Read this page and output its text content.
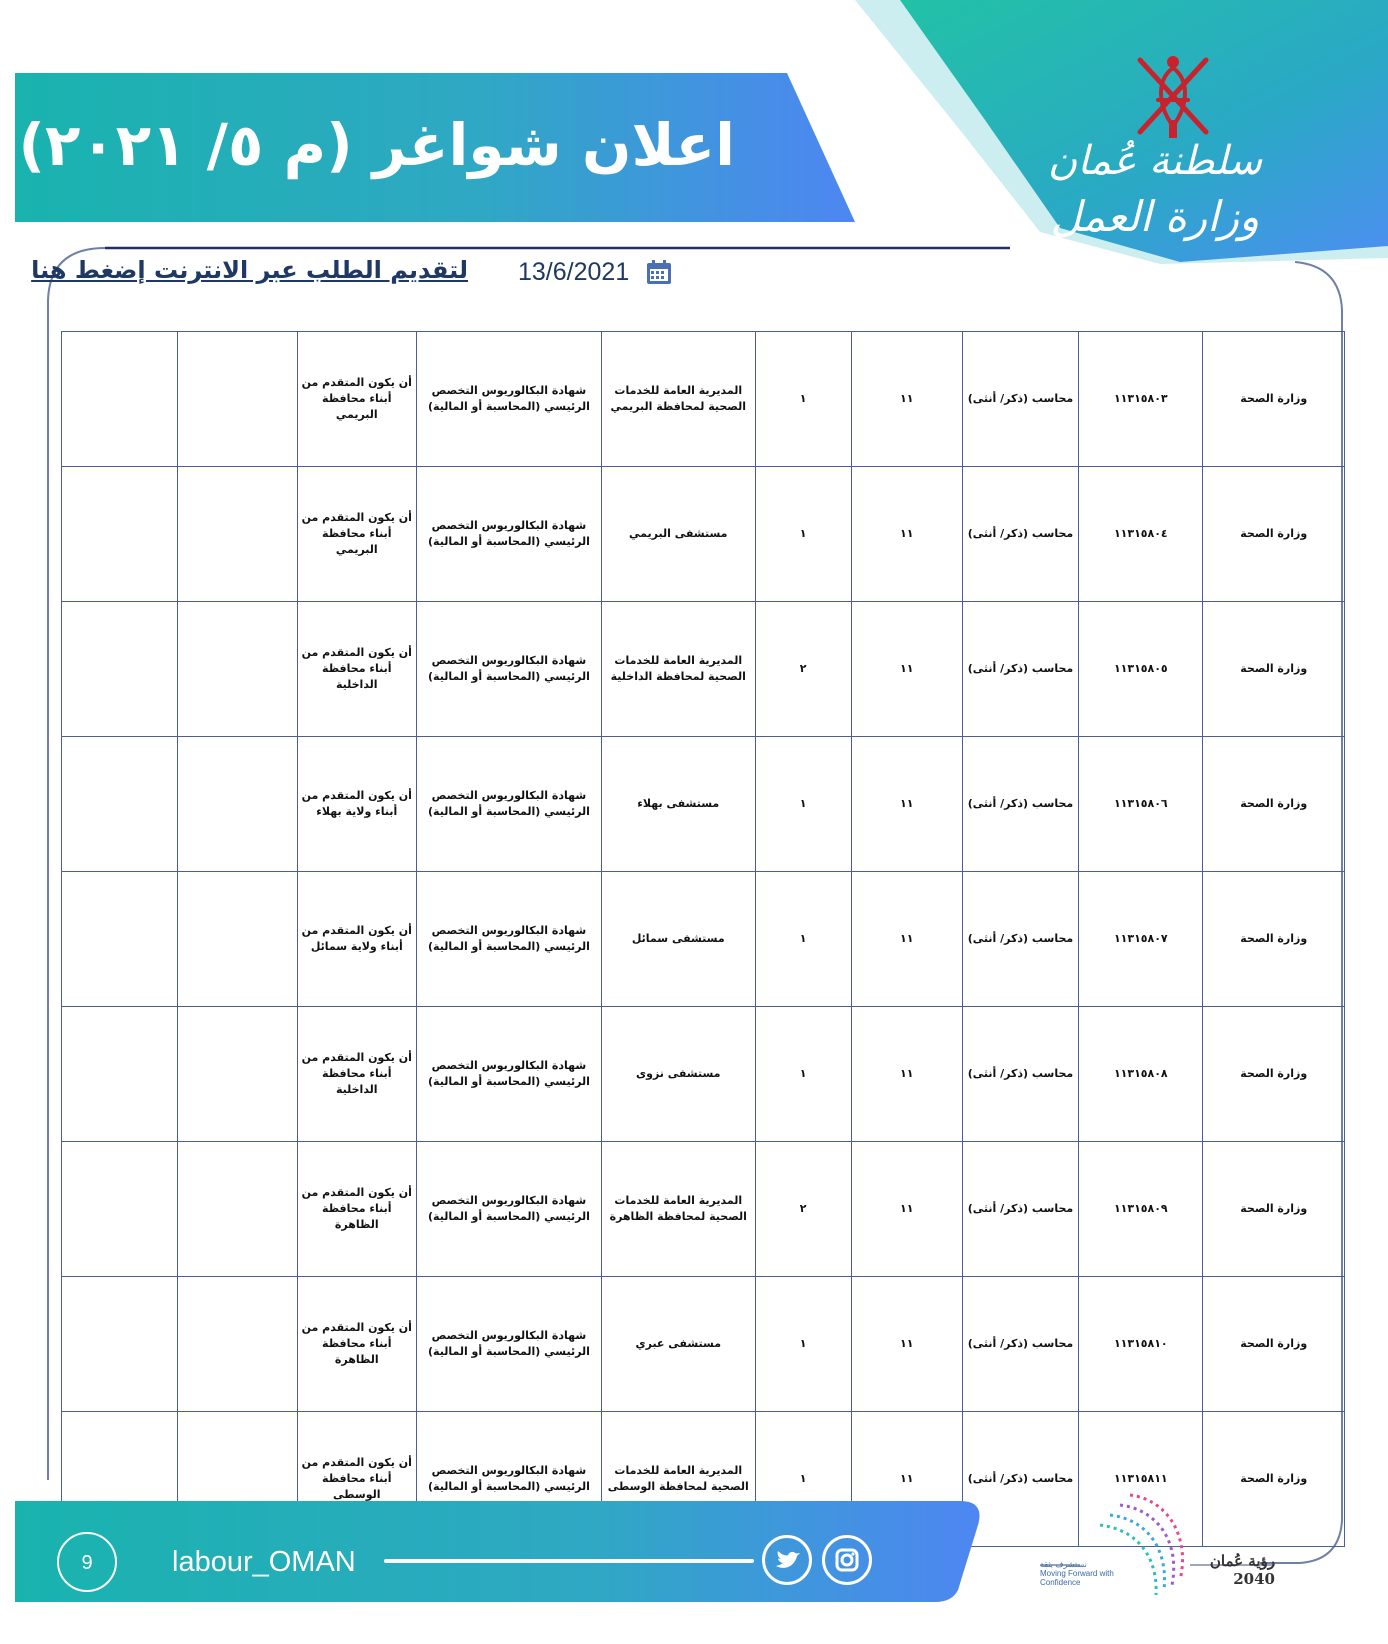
اعلان شواغر (م ٥/ ٢٠٢١)	سلطنة عُمان
وزارة العمل
13/6/2021
لتقديم الطلب عبر الانترنت إضغط هنا
وزارة الصحة	١١٣١٥٨٠٣	محاسب (ذكر/ أنثى)	١١	١	المديرية العامة للخدمات الصحية لمحافظة البريمي	شهادة البكالوريوس التخصص الرئيسي (المحاسبة أو المالية)	أن يكون المتقدم من أبناء محافظة البريمي		
وزارة الصحة	١١٣١٥٨٠٤	محاسب (ذكر/ أنثى)	١١	١	مستشفى البريمي	شهادة البكالوريوس التخصص الرئيسي (المحاسبة أو المالية)	أن يكون المتقدم من أبناء محافظة البريمي		
وزارة الصحة	١١٣١٥٨٠٥	محاسب (ذكر/ أنثى)	١١	٢	المديرية العامة للخدمات الصحية لمحافظة الداخلية	شهادة البكالوريوس التخصص الرئيسي (المحاسبة أو المالية)	أن يكون المتقدم من أبناء محافظة الداخلية		
وزارة الصحة	١١٣١٥٨٠٦	محاسب (ذكر/ أنثى)	١١	١	مستشفى بهلاء	شهادة البكالوريوس التخصص الرئيسي (المحاسبة أو المالية)	أن يكون المتقدم من أبناء ولاية بهلاء		
وزارة الصحة	١١٣١٥٨٠٧	محاسب (ذكر/ أنثى)	١١	١	مستشفى سمائل	شهادة البكالوريوس التخصص الرئيسي (المحاسبة أو المالية)	أن يكون المتقدم من أبناء ولاية سمائل		
وزارة الصحة	١١٣١٥٨٠٨	محاسب (ذكر/ أنثى)	١١	١	مستشفى نزوى	شهادة البكالوريوس التخصص الرئيسي (المحاسبة أو المالية)	أن يكون المتقدم من أبناء محافظة الداخلية		
وزارة الصحة	١١٣١٥٨٠٩	محاسب (ذكر/ أنثى)	١١	٢	المديرية العامة للخدمات الصحية لمحافظة الظاهرة	شهادة البكالوريوس التخصص الرئيسي (المحاسبة أو المالية)	أن يكون المتقدم من أبناء محافظة الظاهرة		
وزارة الصحة	١١٣١٥٨١٠	محاسب (ذكر/ أنثى)	١١	١	مستشفى عبري	شهادة البكالوريوس التخصص الرئيسي (المحاسبة أو المالية)	أن يكون المتقدم من أبناء محافظة الظاهرة		
وزارة الصحة	١١٣١٥٨١١	محاسب (ذكر/ أنثى)	١١	١	المديرية العامة للخدمات الصحية لمحافظة الوسطى	شهادة البكالوريوس التخصص الرئيسي (المحاسبة أو المالية)	أن يكون المتقدم من أبناء محافظة الوسطى		
9	labour_OMAN	رؤية عُمان 2040
نستشرف بثقة
Moving Forward with Confidence
